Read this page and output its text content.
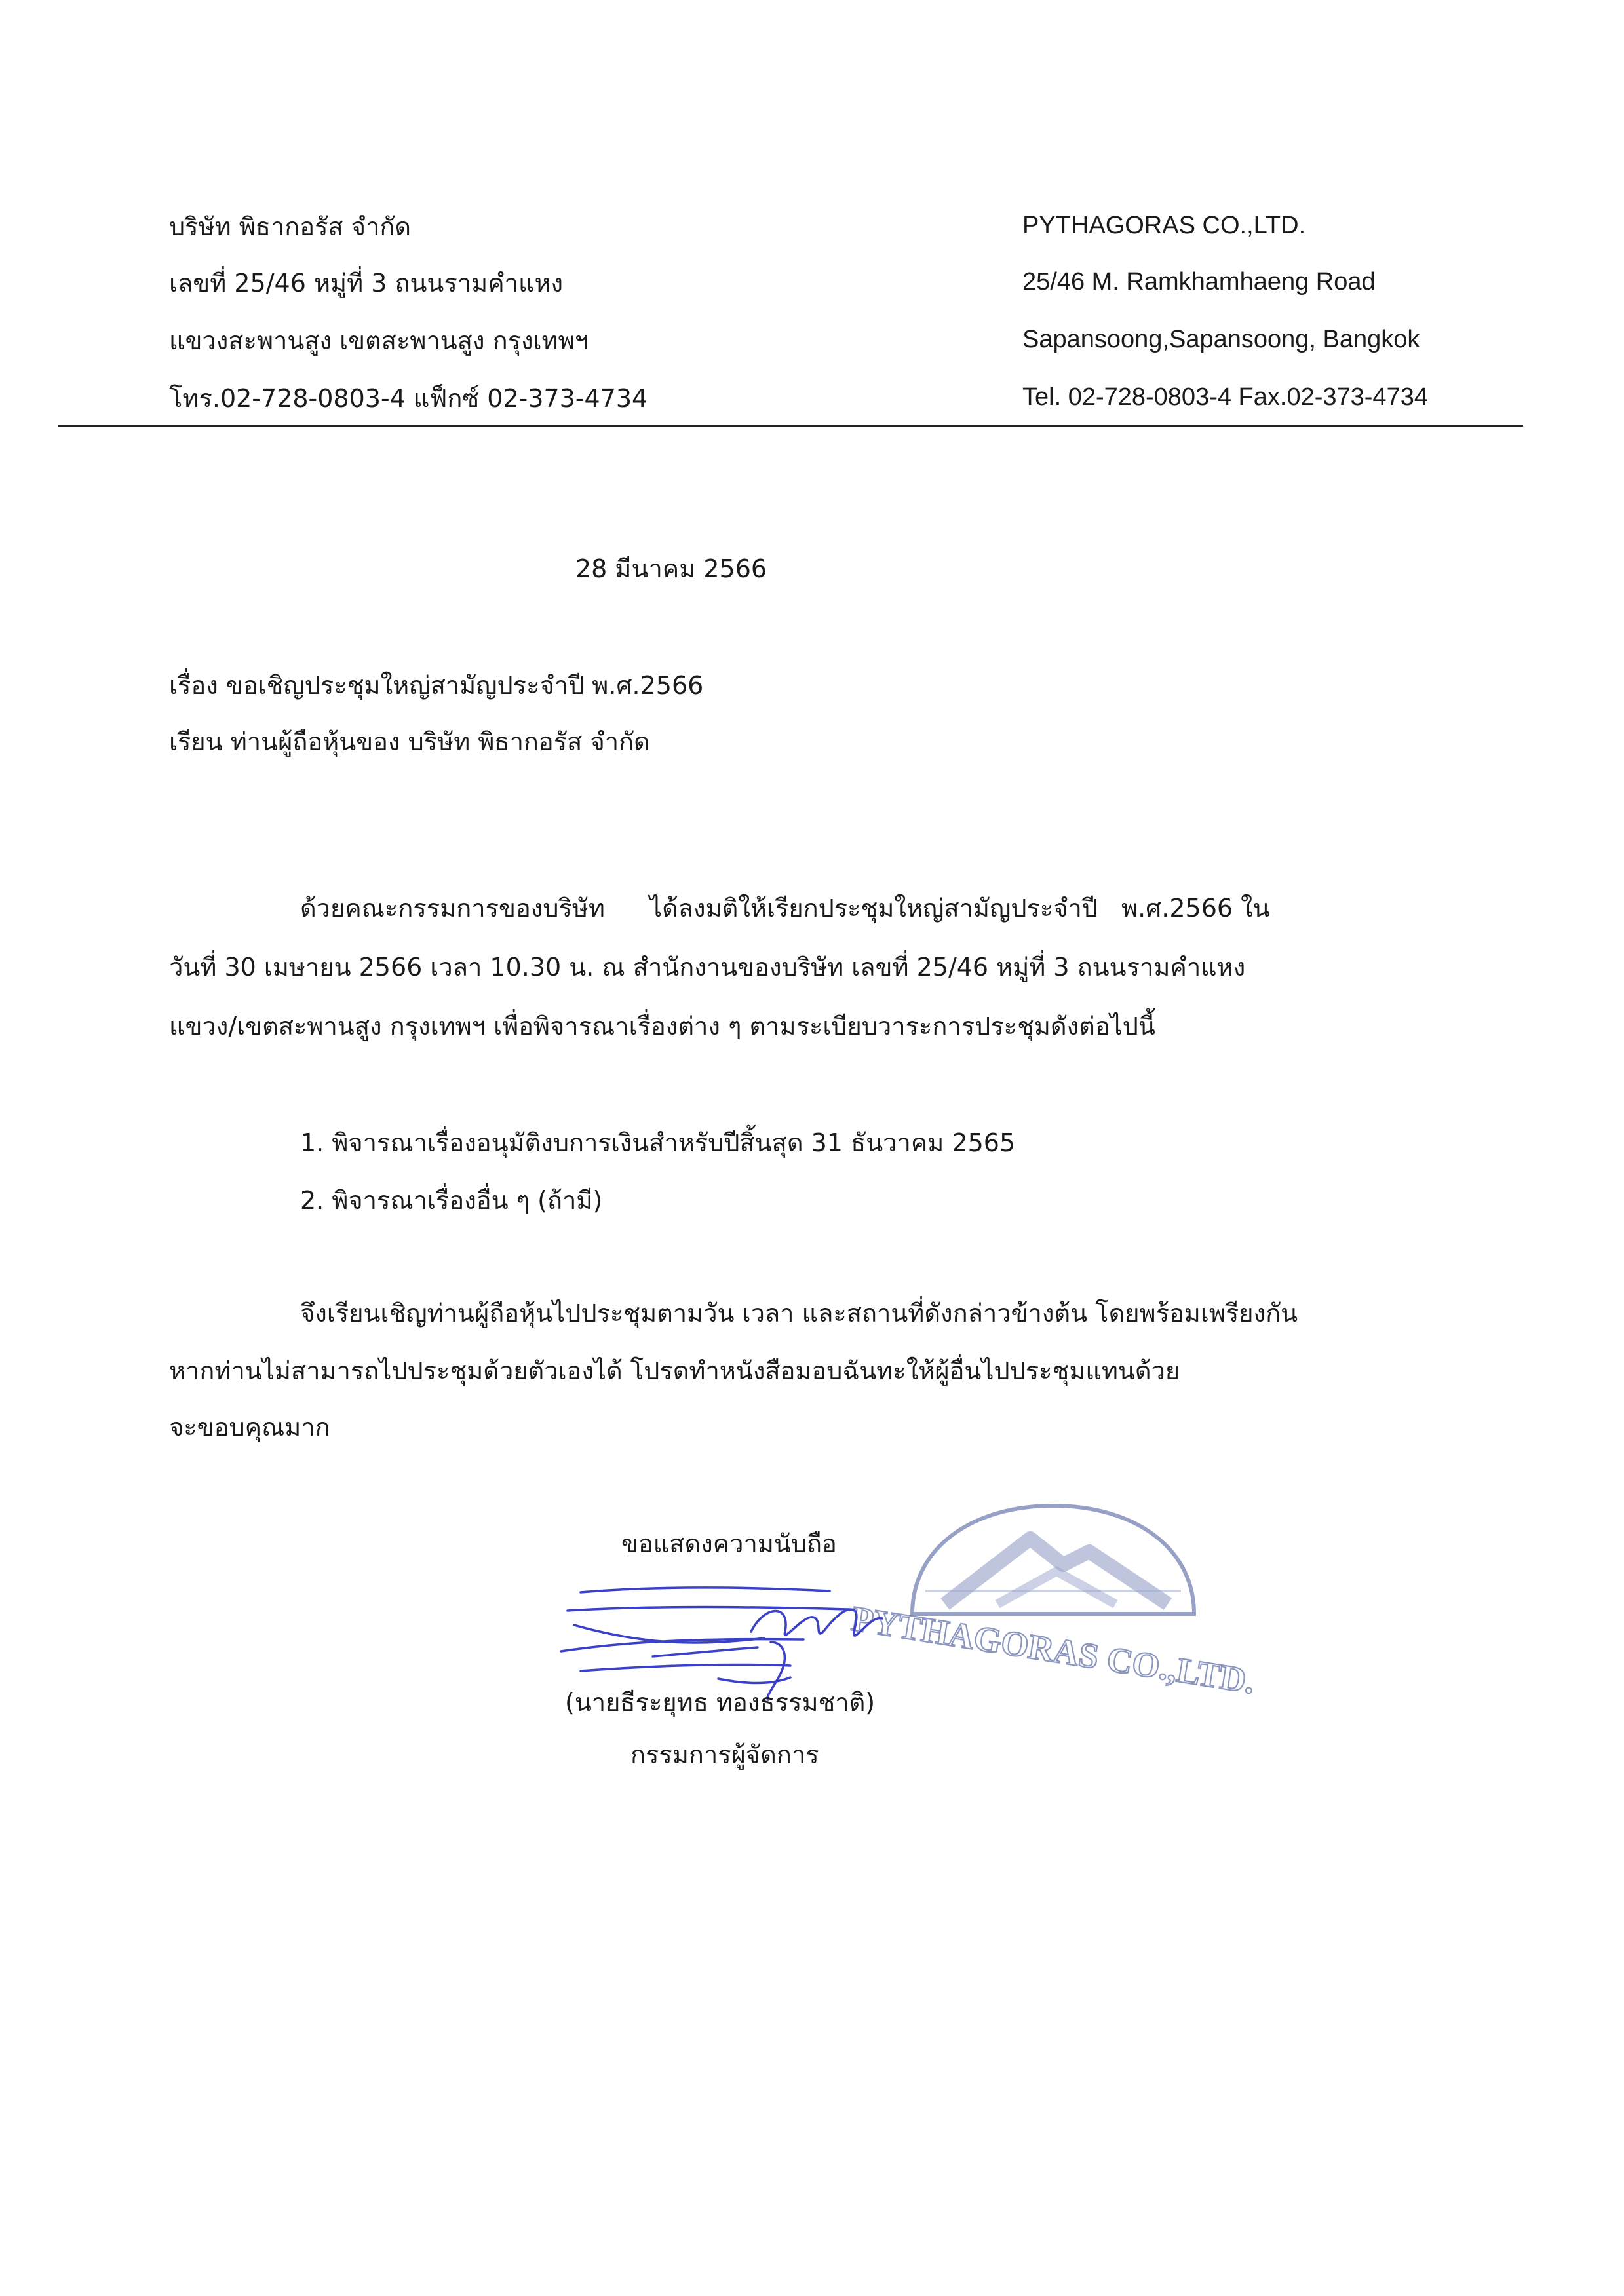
บริษัท พิธากอรัส จำกัด
เลขที่ 25/46 หมู่ที่ 3 ถนนรามคำแหง
แขวงสะพานสูง เขตสะพานสูง กรุงเทพฯ
โทร.02-728-0803-4 แฟ็กซ์ 02-373-4734
PYTHAGORAS CO.,LTD.
25/46 M. Ramkhamhaeng Road
Sapansoong,Sapansoong, Bangkok
Tel. 02-728-0803-4 Fax.02-373-4734
28 มีนาคม 2566
เรื่อง ขอเชิญประชุมใหญ่สามัญประจำปี พ.ศ.2566
เรียน ท่านผู้ถือหุ้นของ บริษัท พิธากอรัส จำกัด
ด้วยคณะกรรมการของบริษัท ได้ลงมติให้เรียกประชุมใหญ่สามัญประจำปี พ.ศ.2566 ใน
วันที่ 30 เมษายน 2566 เวลา 10.30 น. ณ สำนักงานของบริษัท เลขที่ 25/46 หมู่ที่ 3 ถนนรามคำแหง
แขวง/เขตสะพานสูง กรุงเทพฯ เพื่อพิจารณาเรื่องต่าง ๆ ตามระเบียบวาระการประชุมดังต่อไปนี้
1. พิจารณาเรื่องอนุมัติงบการเงินสำหรับปีสิ้นสุด 31 ธันวาคม 2565
2. พิจารณาเรื่องอื่น ๆ (ถ้ามี)
จึงเรียนเชิญท่านผู้ถือหุ้นไปประชุมตามวัน เวลา และสถานที่ดังกล่าวข้างต้น โดยพร้อมเพรียงกัน
หากท่านไม่สามารถไปประชุมด้วยตัวเองได้ โปรดทำหนังสือมอบฉันทะให้ผู้อื่นไปประชุมแทนด้วย
จะขอบคุณมาก
ขอแสดงความนับถือ
PYTHAGORAS CO.,LTD.
(นายธีระยุทธ ทองธรรมชาติ)
กรรมการผู้จัดการ
